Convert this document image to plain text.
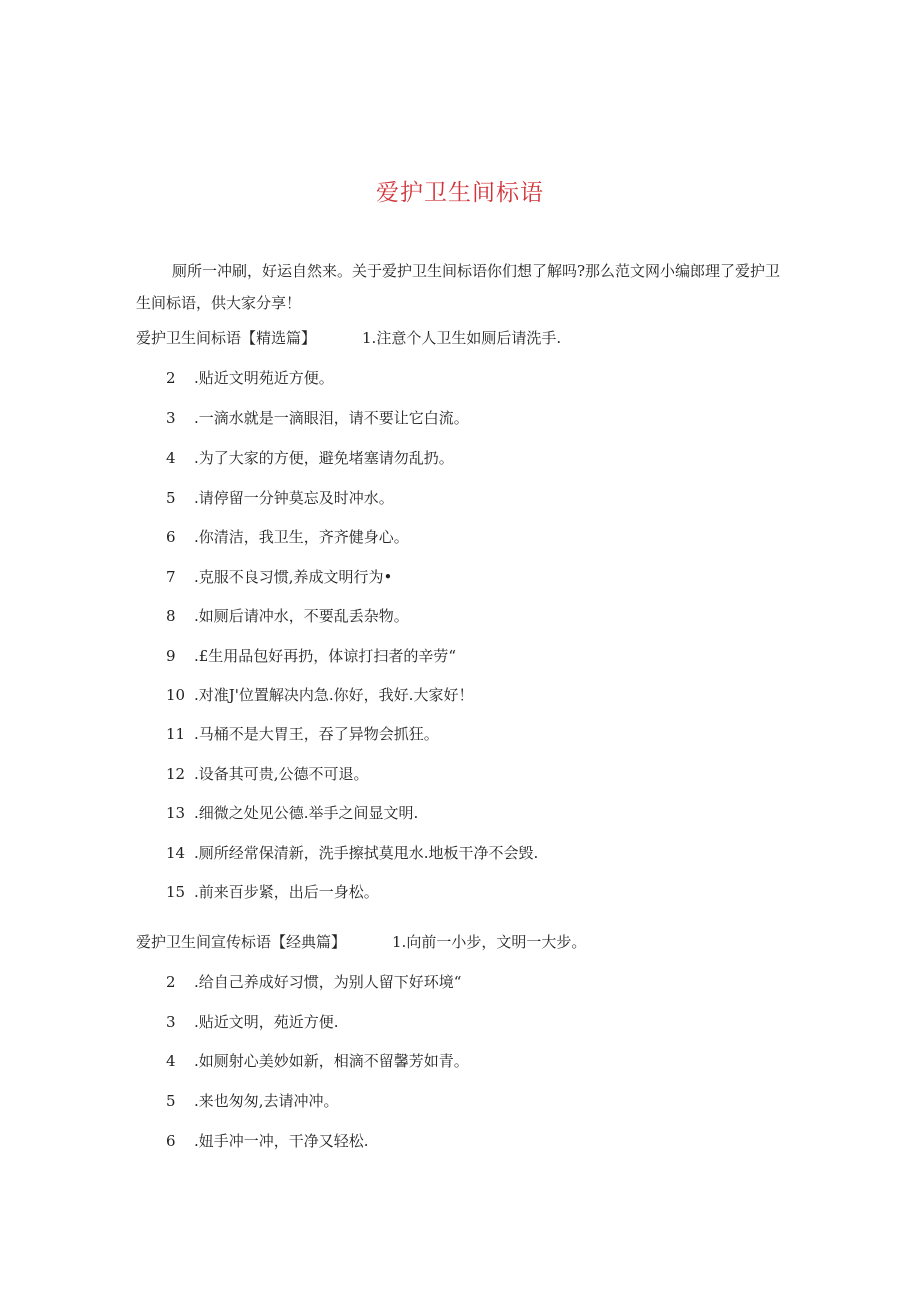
爱护卫生间标语
厕所一冲刷，好运自然来。关于爱护卫生间标语你们想了解吗?那么范文网小编郎理了爱护卫生间标语，供大家分享！
爱护卫生间标语【精选篇】	1.注意个人卫生如厕后请洗手.
2 .贴近文明苑近方便。
3 .一滴水就是一滴眼泪，请不要让它白流。
4 .为了大家的方便，避免堵塞请勿乱扔。
5 .请停留一分钟莫忘及时冲水。
6 .你清洁，我卫生，齐齐健身心。
7 .克服不良习惯,养成文明行为•
8 .如厕后请冲水，不要乱丢杂物。
9 .£生用品包好再扔，体谅打扫者的辛劳“
10 .对准J'位置解决内急.你好，我好.大家好！
11 .马桶不是大胃王，吞了异物会抓狂。
12 .设备其可贵,公德不可退。
13 .细微之处见公德.举手之间显文明.
14 .厕所经常保清新，洗手擦拭莫甩水.地板干净不会毁.
15 .前来百步紧，出后一身松。
爱护卫生间宣传标语【经典篇】	1.向前一小步，文明一大步。
2 .给自己养成好习惯，为别人留下好环境“
3 .贴近文明，苑近方便.
4 .如厕射心美妙如新，相滴不留馨芳如青。
5 .来也匆匆,去请冲冲。
6 .妞手冲一冲，干净又轻松.
